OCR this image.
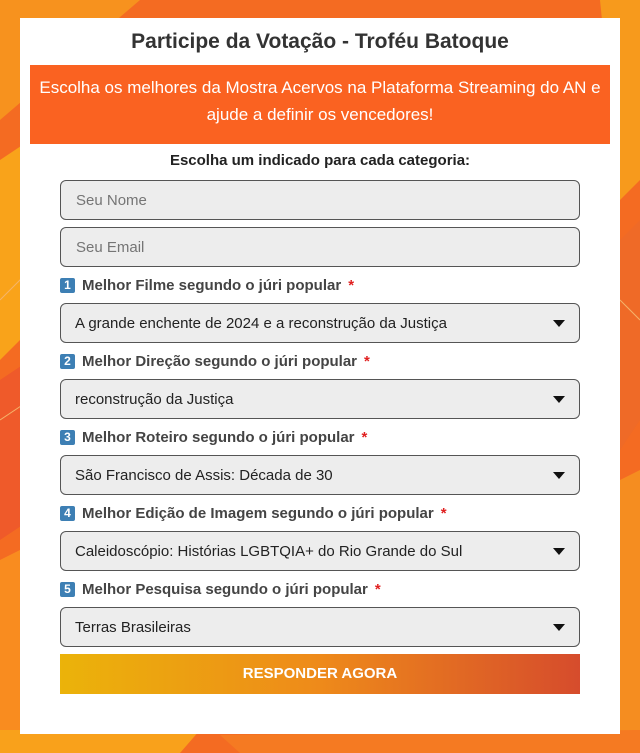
Participe da Votação - Troféu Batoque
Escolha os melhores da Mostra Acervos na Plataforma Streaming do AN e ajude a definir os vencedores!
Escolha um indicado para cada categoria:
Seu Nome
Seu Email
1 Melhor Filme segundo o júri popular *
A grande enchente de 2024 e a reconstrução da Justiça
2 Melhor Direção segundo o júri popular *
reconstrução da Justiça
3 Melhor Roteiro segundo o júri popular *
São Francisco de Assis: Década de 30
4 Melhor Edição de Imagem segundo o júri popular *
Caleidoscópio: Histórias LGBTQIA+ do Rio Grande do Sul
5 Melhor Pesquisa segundo o júri popular *
Terras Brasileiras
RESPONDER AGORA
